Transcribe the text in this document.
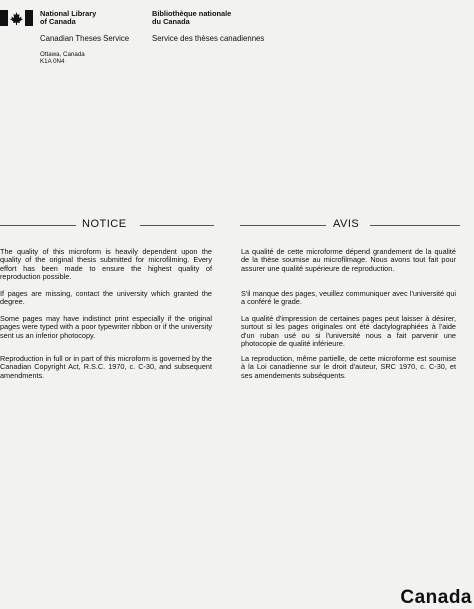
National Library
of Canada
Bibliothèque nationale
du Canada
Canadian Theses Service	Service des thèses canadiennes
Ottawa, Canada
K1A 0N4
NOTICE	AVIS
The quality of this microform is heavily dependent upon the quality of the original thesis submitted for microfilming. Every effort has been made to ensure the highest quality of reproduction possible.
If pages are missing, contact the university which granted the degree.
Some pages may have indistinct print especially if the original pages were typed with a poor typewriter ribbon or if the university sent us an inferior photocopy.
Reproduction in full or in part of this microform is governed by the Canadian Copyright Act, R.S.C. 1970, c. C-30, and subsequent amendments.
La qualité de cette microforme dépend grandement de la qualité de la thèse soumise au microfilmage. Nous avons tout fait pour assurer une qualité supérieure de reproduction.
S'il manque des pages, veuillez communiquer avec l'université qui a conféré le grade.
La qualité d'impression de certaines pages peut laisser à désirer, surtout si les pages originales ont été dactylographiées à l'aide d'un ruban usé ou si l'université nous a fait parvenir une photocopie de qualité inférieure.
La reproduction, même partielle, de cette microforme est soumise à la Loi canadienne sur le droit d'auteur, SRC 1970, c. C-30, et ses amendements subséquents.
Canada
